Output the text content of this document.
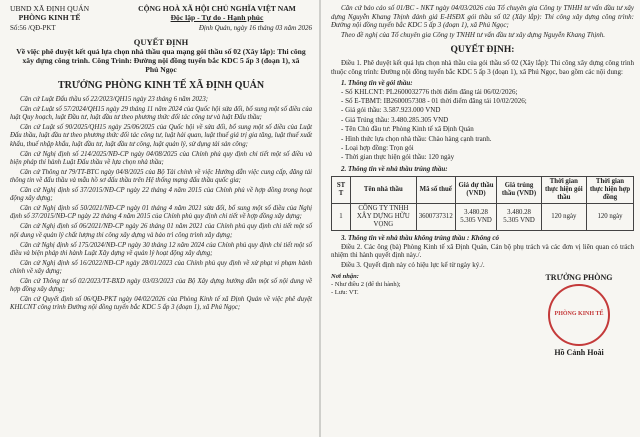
UBND XÃ ĐỊNH QUÁN
PHÒNG KINH TẾ
CỘNG HOÀ XÃ HỘI CHỦ NGHĨA VIỆT NAM
Độc lập - Tự do - Hạnh phúc
Số:56 /QĐ-PKT	Định Quán, ngày 16 tháng 03 năm 2026
QUYẾT ĐỊNH
Về việc phê duyệt kết quả lựa chọn nhà thầu qua mạng gói thầu số 02 (Xây lắp): Thi công xây dựng công trình. Công Trình: Đường nội đồng tuyến bắc KDC 5 ấp 3 (đoạn 1), xã Phú Ngọc
TRƯỞNG PHÒNG KINH TẾ XÃ ĐỊNH QUÁN

Căn cứ Luật Đấu thầu số 22/2023/QH15 ngày 23 tháng 6 năm 2023;

Căn cứ Luật số 57/2024/QH15 ngày 29 tháng 11 năm 2024 của Quốc hội sửa đổi, bổ sung một số điều của luật Quy hoạch, luật Đầu tư, luật đầu tư theo phương thức đối tác công tư và luật Đấu thầu;

Căn cứ Luật số 90/2025/QH15 ngày 25/06/2025 của Quốc hội về sửa đổi, bổ sung một số điều của Luật Đấu thầu, luật đầu tư theo phương thức đối tác công tư, luật hải quan, luật thuế giá trị gia tăng, luật thuế xuất khẩu, thuế nhập khẩu, luật đầu tư, luật đầu tư công, luật quản lý, sử dụng tài sản công;

Căn cứ Nghị định số 214/2025/NĐ-CP ngày 04/08/2025 của Chính phủ quy định chi tiết một số điều và biện pháp thi hành Luật Đấu thầu về lựa chọn nhà thầu;

Căn cứ Thông tư 79/TT-BTC ngày 04/8/2025 của Bộ Tài chính về việc Hướng dẫn việc cung cấp, đăng tải thông tin về đấu thầu và mẫu hồ sơ đấu thầu trên Hệ thống mạng đấu thầu quốc gia;

Căn cứ Nghị định số 37/2015/NĐ-CP ngày 22 tháng 4 năm 2015 của Chính phủ về hợp đồng trong hoạt động xây dựng;

Căn cứ Nghị định số 50/2021/NĐ-CP ngày 01 tháng 4 năm 2021 sửa đổi, bổ sung một số điều của Nghị định số 37/2015/NĐ-CP ngày 22 tháng 4 năm 2015 của Chính phủ quy định chi tiết về hợp đồng xây dựng;

Căn cứ Nghị định số 06/2021/NĐ-CP ngày 26 tháng 01 năm 2021 của Chính phủ quy định chi tiết một số nội dung về quản lý chất lượng thi công xây dựng và bảo trì công trình xây dựng;

Căn cứ Nghị định số 175/2024/NĐ-CP ngày 30 tháng 12 năm 2024 của Chính phủ quy định chi tiết một số điều và biện pháp thi hành Luật Xây dựng về quản lý hoạt động xây dựng;

Căn cứ Nghị định số 16/2022/NĐ-CP ngày 28/01/2023 của Chính phủ quy định về xử phạt vi phạm hành chính về xây dựng;

Căn cứ Thông tư số 02/2023/TT-BXD ngày 03/03/2023 của Bộ Xây dựng hướng dẫn một số nội dung về hợp đồng xây dựng;

Căn cứ Quyết định số 06/QĐ-PKT ngày 04/02/2026 của Phòng Kinh tế xã Định Quán về việc phê duyệt KHLCNT công trình Đường nội đồng tuyến bắc KDC 5 ấp 3 (đoạn 1), xã Phú Ngọc;

Căn cứ báo cáo số 01/BC - NKT ngày 04/03/2026 của Tổ chuyên gia Công ty TNHH tư vấn đầu tư xây dựng Nguyễn Khang Thịnh đánh giá E-HSĐX gói thầu số 02 (Xây lắp): Thi công xây dựng công trình: Đường nội đồng tuyến bắc KDC 5 ấp 3 (đoạn 1), xã Phú Ngọc;

Theo đề nghị của Tổ chuyên gia Công ty TNHH tư vấn đầu tư xây dựng Nguyễn Khang Thịnh.

QUYẾT ĐỊNH:

Điều 1. Phê duyệt kết quả lựa chọn nhà thầu của gói thầu số 02 (Xây lắp): Thi công xây dựng công trình thuộc công trình: Đường nội đồng tuyến bắc KDC 5 ấp 3 (đoạn 1), xã Phú Ngọc, bao gồm các nội dung:

1. Thông tin về gói thầu:
- Số KHLCNT: PL2600032776 thời điểm đăng tải 06/02/2026;
- Số E-TBMT: IB2600057308 - 01 thời điểm đăng tải 10/02/2026;
- Giá gói thầu: 3.587.923.000 VND
- Giá Trúng thầu: 3.480.285.305 VND
- Tên Chủ đầu tư: Phòng Kinh tế xã Định Quán
- Hình thức lựa chọn nhà thầu: Chào hàng cạnh tranh.
- Loại hợp đồng: Trọn gói
- Thời gian thực hiện gói thầu: 120 ngày
2. Thông tin về nhà thầu trúng thầu:
ST T	Tên nhà thầu	Mã số thuế	Giá dự thầu (VND)	Giá trúng thầu (VND)	Thời gian thực hiện gói thầu	Thời gian thực hiện hợp đồng
1	CÔNG TY TNHH XÂY DỰNG HỮU VỌNG	3600737312	3.480.28 5.305 VND	3.480.28 5.305 VND	120 ngày	120 ngày
3. Thông tin về nhà thầu không trúng thầu : Không có

Điều 2. Các ông (bà) Phòng Kinh tế xã Định Quán, Cán bộ phụ trách và các đơn vị liên quan có trách nhiệm thi hành quyết định này./.

Điều 3. Quyết định này có hiệu lực kể từ ngày ký./.

Nơi nhận:
- Như điều 2 (để thi hành);
- Lưu: VT.
TRƯỞNG PHÒNG
PHÒNG KINH TẾ
Hồ Cảnh Hoài
